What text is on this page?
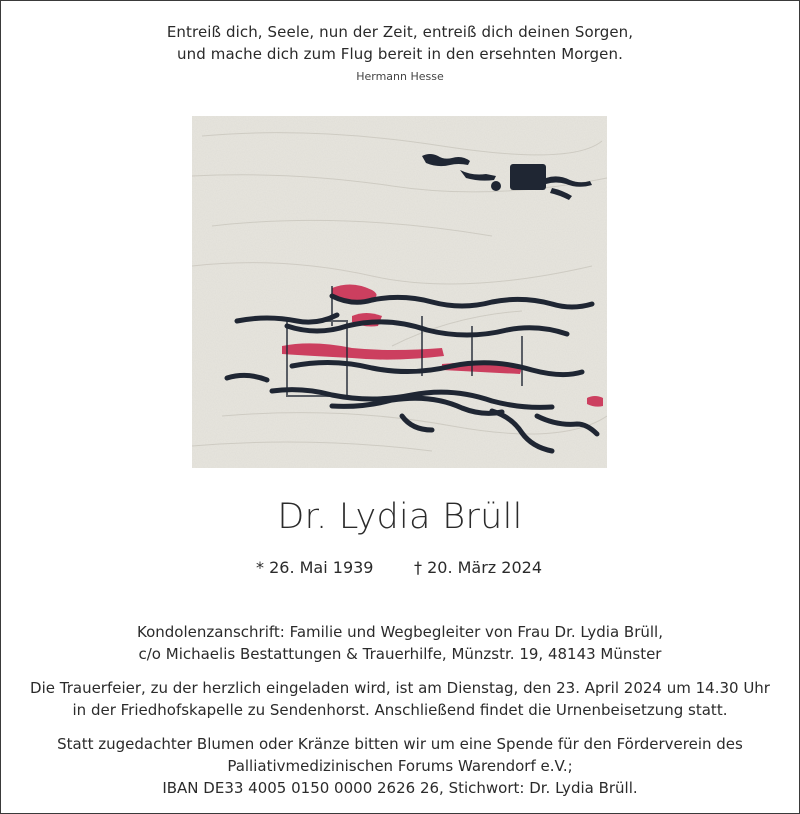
Entreiß dich, Seele, nun der Zeit, entreiß dich deinen Sorgen,
und mache dich zum Flug bereit in den ersehnten Morgen.
Hermann Hesse
Dr. Lydia Brüll
* 26. Mai 1939	† 20. März 2024

Kondolenzanschrift: Familie und Wegbegleiter von Frau Dr. Lydia Brüll,

c/o Michaelis Bestattungen & Trauerhilfe, Münzstr. 19, 48143 Münster

Die Trauerfeier, zu der herzlich eingeladen wird, ist am Dienstag, den 23. April 2024 um 14.30 Uhr

in der Friedhofskapelle zu Sendenhorst. Anschließend findet die Urnenbeisetzung statt.

Statt zugedachter Blumen oder Kränze bitten wir um eine Spende für den Förderverein des

Palliativmedizinischen Forums Warendorf e.V.;

IBAN DE33 4005 0150 0000 2626 26, Stichwort: Dr. Lydia Brüll.
